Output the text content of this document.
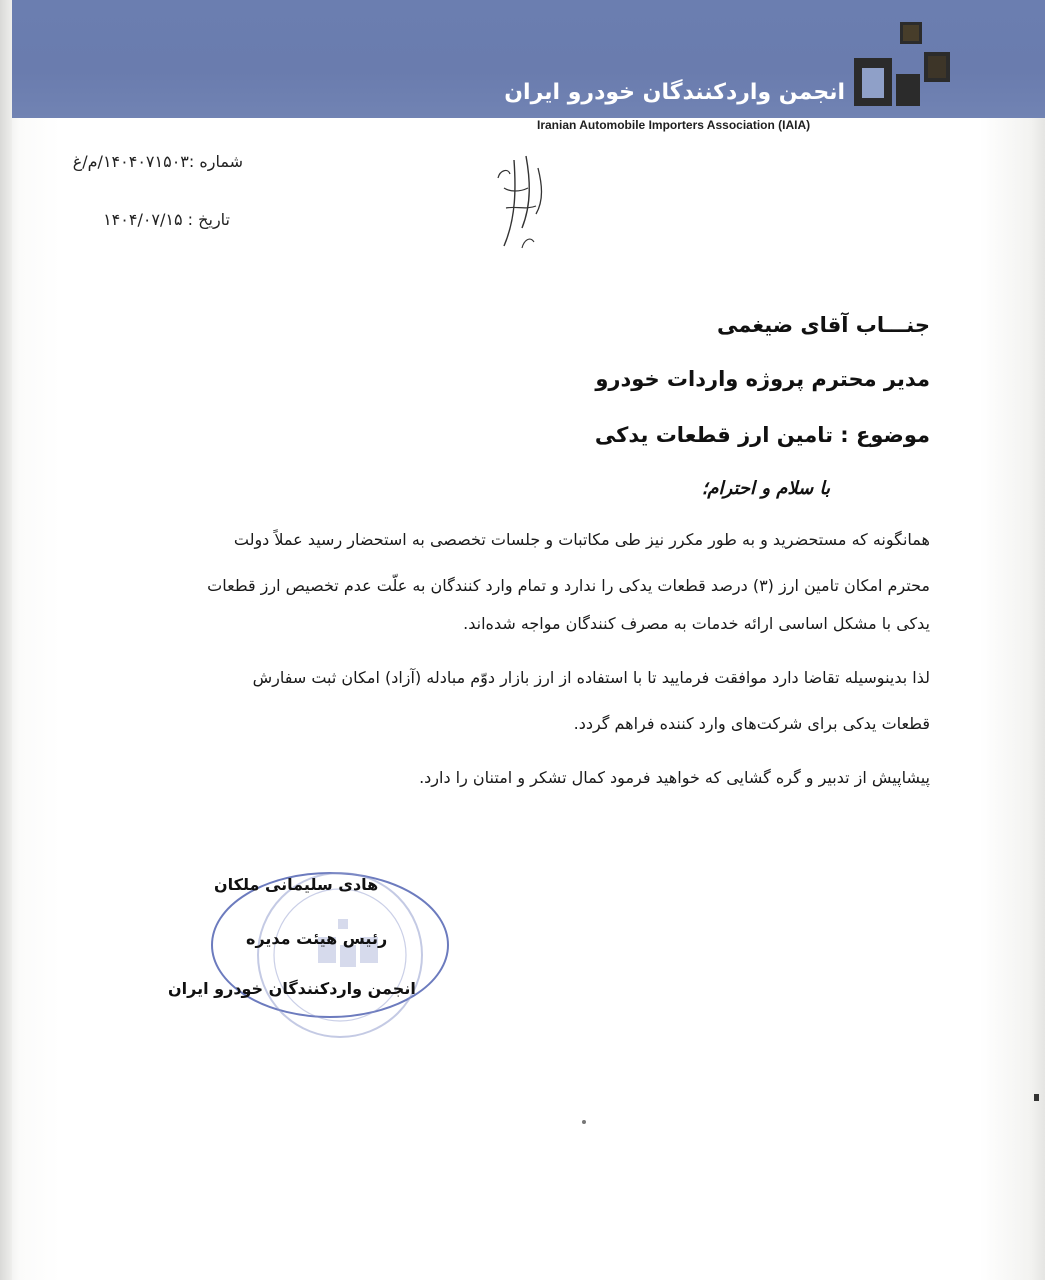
انجمن واردکنندگان خودرو ایران
Iranian Automobile Importers Association (IAIA)
شماره :۱۴۰۴۰۷۱۵۰۳/م/غ
تاریخ : ۱۴۰۴/۰۷/۱۵
جنـــاب آقای ضیغمی
مدیر محترم پروژه واردات خودرو
موضوع : تامین ارز قطعات یدکی
با سلام و احترام؛
همانگونه که مستحضرید و به طور مکرر نیز طی مکاتبات و جلسات تخصصی به استحضار رسید عملاً دولت
محترم امکان تامین ارز (۳) درصد قطعات یدکی را ندارد و تمام وارد کنندگان به علّت عدم تخصیص ارز قطعات
یدکی با مشکل اساسی ارائه خدمات به مصرف کنندگان مواجه شده‌اند.
لذا بدینوسیله تقاضا دارد موافقت فرمایید تا با استفاده از ارز بازار دوّم مبادله (آزاد) امکان ثبت سفارش
قطعات یدکی برای شرکت‌های وارد کننده فراهم گردد.
پیشاپیش از تدبیر و گره گشایی که خواهید فرمود کمال تشکر و امتنان را دارد.
هادی سلیمانی ملکان
رئیس هیئت مدیره
انجمن واردکنندگان خودرو ایران
